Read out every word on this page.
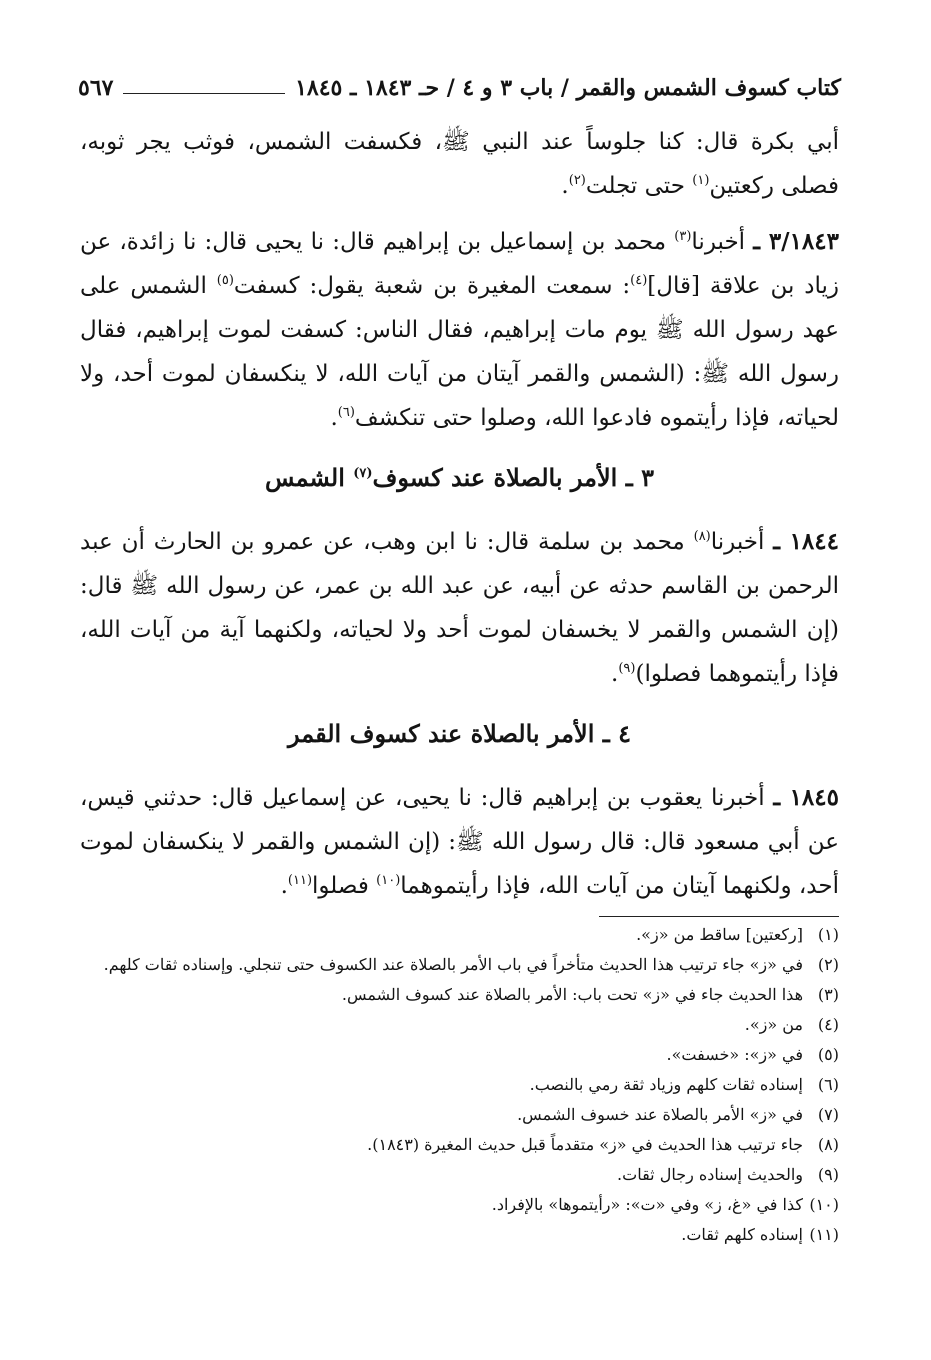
كتاب كسوف الشمس والقمر / باب ٣ و ٤ / حـ ١٨٤٣ ـ ١٨٤٥
٥٦٧

أبي بكرة قال: كنا جلوساً عند النبي ﷺ، فكسفت الشمس، فوثب يجر ثوبه، فصلى ركعتين$^{(١)}$ حتى تجلت$^{(٢)}$.

٣/١٨٤٣ ـ أخبرنا$^{(٣)}$ محمد بن إسماعيل بن إبراهيم قال: نا يحيى قال: نا زائدة، عن زياد بن علاقة [قال]$^{(٤)}$: سمعت المغيرة بن شعبة يقول: كسفت$^{(٥)}$ الشمس على عهد رسول الله ﷺ يوم مات إبراهيم، فقال الناس: كسفت لموت إبراهيم، فقال رسول الله ﷺ: (الشمس والقمر آيتان من آيات الله، لا ينكسفان لموت أحد، ولا لحياته، فإذا رأيتموه فادعوا الله، وصلوا حتى تنكشف$^{(٦)}$.

٣ ـ الأمر بالصلاة عند كسوف$^{(٧)}$ الشمس

١٨٤٤ ـ أخبرنا$^{(٨)}$ محمد بن سلمة قال: نا ابن وهب، عن عمرو بن الحارث أن عبد الرحمن بن القاسم حدثه عن أبيه، عن عبد الله بن عمر، عن رسول الله ﷺ قال: (إن الشمس والقمر لا يخسفان لموت أحد ولا لحياته، ولكنهما آية من آيات الله، فإذا رأيتموهما فصلوا)$^{(٩)}$.

٤ ـ الأمر بالصلاة عند كسوف القمر

١٨٤٥ ـ أخبرنا يعقوب بن إبراهيم قال: نا يحيى، عن إسماعيل قال: حدثني قيس، عن أبي مسعود قال: قال رسول الله ﷺ: (إن الشمس والقمر لا ينكسفان لموت أحد، ولكنهما آيتان من آيات الله، فإذا رأيتموهما$^{(١٠)}$ فصلوا$^{(١١)}$.

(١)
[ركعتين] ساقط من «ز».
(٢)
في «ز» جاء ترتيب هذا الحديث متأخراً في باب الأمر بالصلاة عند الكسوف حتى تنجلي. وإسناده ثقات كلهم.
(٣)
هذا الحديث جاء في «ز» تحت باب: الأمر بالصلاة عند كسوف الشمس.
(٤)
من «ز».
(٥)
في «ز»: «خسفت».
(٦)
إسناده ثقات كلهم وزياد ثقة رمي بالنصب.
(٧)
في «ز» الأمر بالصلاة عند خسوف الشمس.
(٨)
جاء ترتيب هذا الحديث في «ز» متقدماً قبل حديث المغيرة (١٨٤٣).
(٩)
والحديث إسناده رجال ثقات.
(١٠)
كذا في «غ، ز» وفي «ت»: «رأيتموها» بالإفراد.
(١١)
إسناده كلهم ثقات.
